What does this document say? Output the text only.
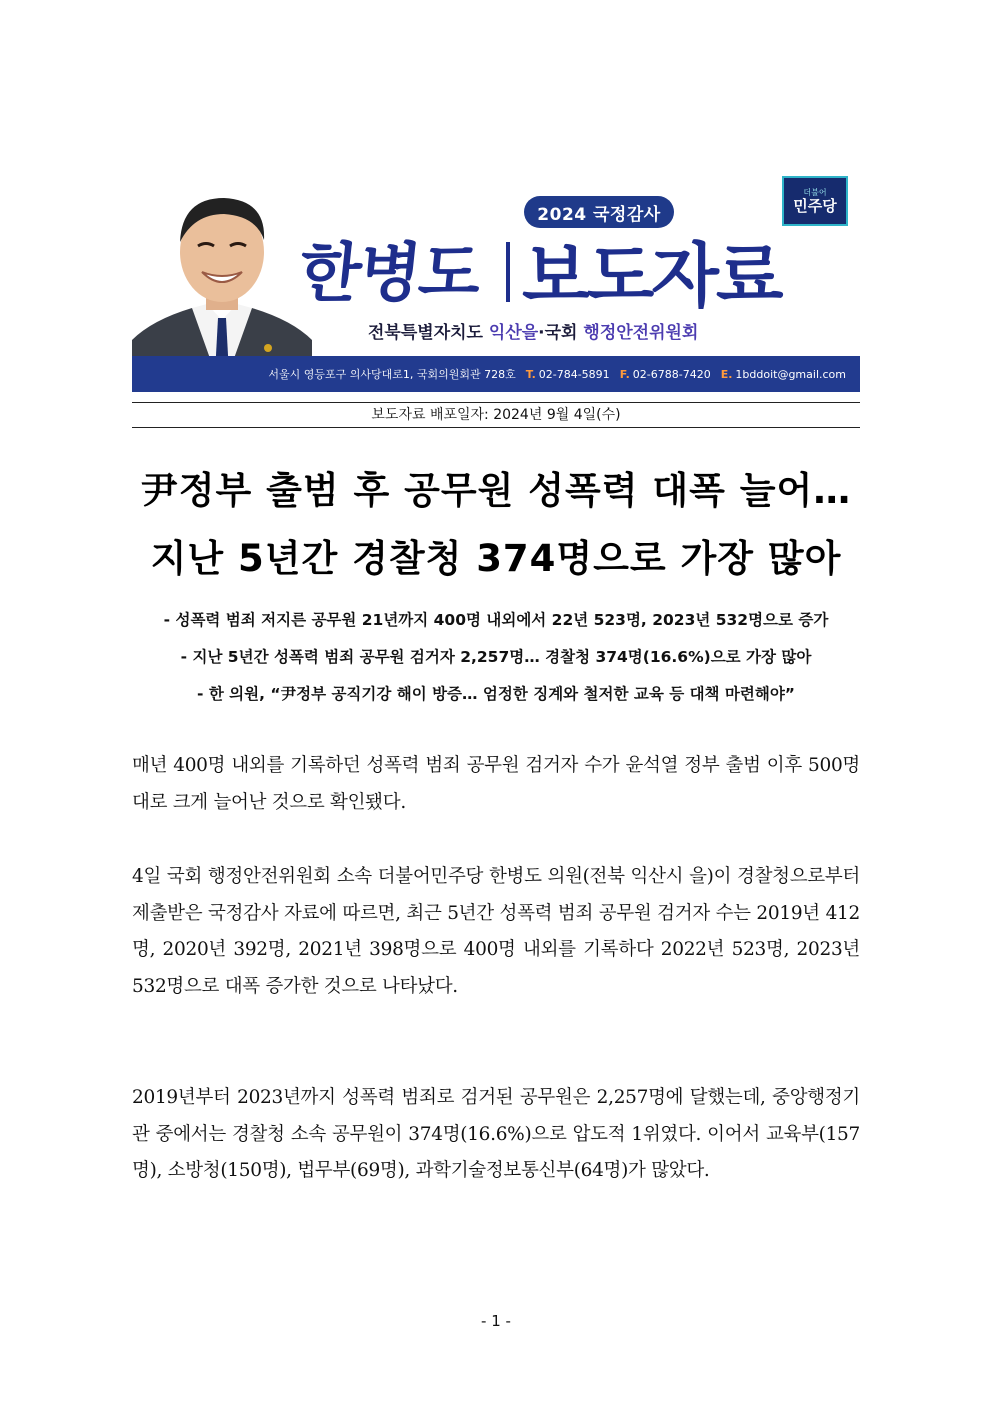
2024 국정감사
더불어
민주당
한병도 보도자료
전북특별자치도 익산을·국회 행정안전위원회
서울시 영등포구 의사당대로1, 국회의원회관 728호 T. 02-784-5891 F. 02-6788-7420 E. 1bddoit@gmail.com
보도자료 배포일자: 2024년 9월 4일(수)
尹정부 출범 후 공무원 성폭력 대폭 늘어…
지난 5년간 경찰청 374명으로 가장 많아
- 성폭력 범죄 저지른 공무원 21년까지 400명 내외에서 22년 523명, 2023년 532명으로 증가
- 지난 5년간 성폭력 범죄 공무원 검거자 2,257명… 경찰청 374명(16.6%)으로 가장 많아
- 한 의원, “尹정부 공직기강 해이 방증… 엄정한 징계와 철저한 교육 등 대책 마련해야”
매년 400명 내외를 기록하던 성폭력 범죄 공무원 검거자 수가 윤석열 정부 출범 이후 500명 대로 크게 늘어난 것으로 확인됐다.
4일 국회 행정안전위원회 소속 더불어민주당 한병도 의원(전북 익산시 을)이 경찰청으로부터 제출받은 국정감사 자료에 따르면, 최근 5년간 성폭력 범죄 공무원 검거자 수는 2019년 412명, 2020년 392명, 2021년 398명으로 400명 내외를 기록하다 2022년 523명, 2023년 532명으로 대폭 증가한 것으로 나타났다.
2019년부터 2023년까지 성폭력 범죄로 검거된 공무원은 2,257명에 달했는데, 중앙행정기관 중에서는 경찰청 소속 공무원이 374명(16.6%)으로 압도적 1위였다. 이어서 교육부(157명), 소방청(150명), 법무부(69명), 과학기술정보통신부(64명)가 많았다.
- 1 -
